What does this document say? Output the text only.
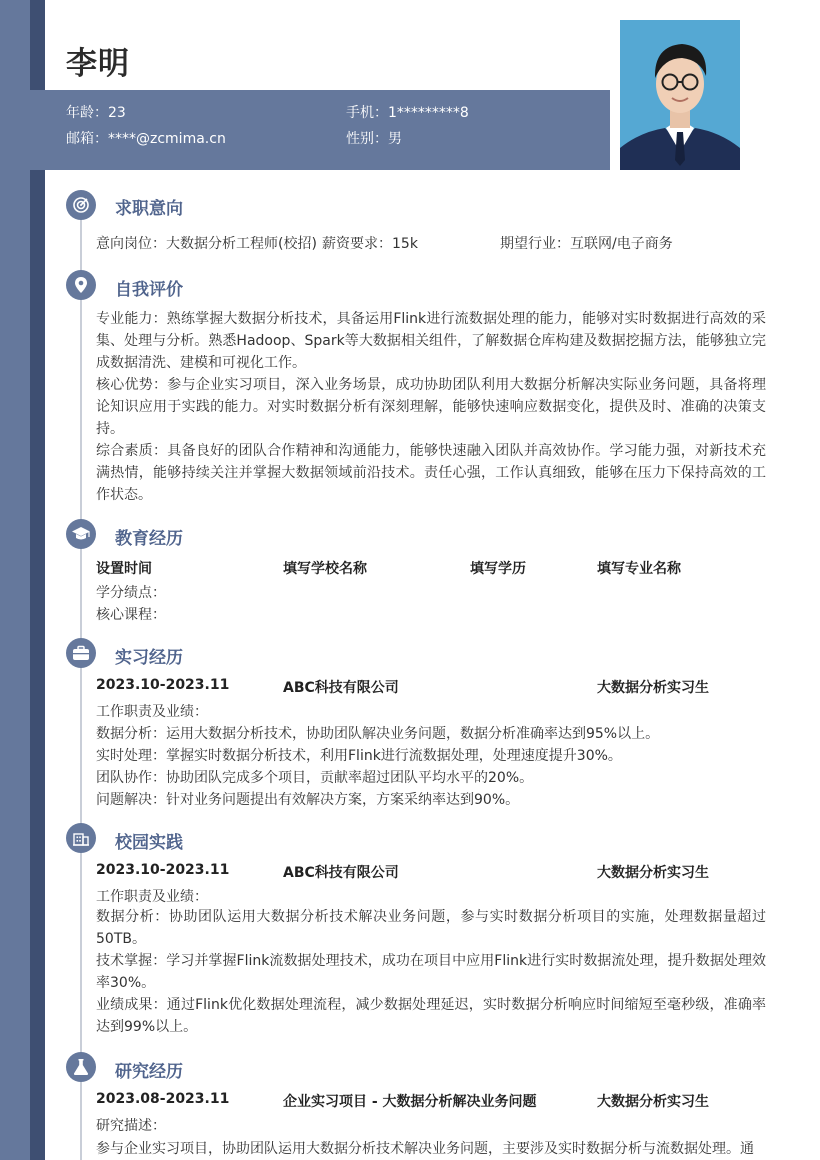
李明
年龄：23	手机：1*********8
邮箱：****@zcmima.cn	性别：男
求职意向
意向岗位：大数据分析工程师(校招) 薪资要求：15k	期望行业：互联网/电子商务
自我评价
专业能力：熟练掌握大数据分析技术，具备运用Flink进行流数据处理的能力，能够对实时数据进行高效的采集、处理与分析。熟悉Hadoop、Spark等大数据相关组件，了解数据仓库构建及数据挖掘方法，能够独立完成数据清洗、建模和可视化工作。
核心优势：参与企业实习项目，深入业务场景，成功协助团队利用大数据分析解决实际业务问题，具备将理论知识应用于实践的能力。对实时数据分析有深刻理解，能够快速响应数据变化，提供及时、准确的决策支持。
综合素质：具备良好的团队合作精神和沟通能力，能够快速融入团队并高效协作。学习能力强，对新技术充满热情，能够持续关注并掌握大数据领域前沿技术。责任心强，工作认真细致，能够在压力下保持高效的工作状态。
教育经历
设置时间	填写学校名称	填写学历	填写专业名称
学分绩点：
核心课程：
实习经历
2023.10-2023.11	ABC科技有限公司	大数据分析实习生
工作职责及业绩：
数据分析：运用大数据分析技术，协助团队解决业务问题，数据分析准确率达到95%以上。
实时处理：掌握实时数据分析技术，利用Flink进行流数据处理，处理速度提升30%。
团队协作：协助团队完成多个项目，贡献率超过团队平均水平的20%。
问题解决：针对业务问题提出有效解决方案，方案采纳率达到90%。
校园实践
2023.10-2023.11	ABC科技有限公司	大数据分析实习生
工作职责及业绩：
数据分析：协助团队运用大数据分析技术解决业务问题，参与实时数据分析项目的实施，处理数据量超过50TB。
技术掌握：学习并掌握Flink流数据处理技术，成功在项目中应用Flink进行实时数据流处理，提升数据处理效率30%。
业绩成果：通过Flink优化数据处理流程，减少数据处理延迟，实时数据分析响应时间缩短至毫秒级，准确率达到99%以上。
研究经历
2023.08-2023.11	企业实习项目 - 大数据分析解决业务问题	大数据分析实习生
研究描述：
参与企业实习项目，协助团队运用大数据分析技术解决业务问题，主要涉及实时数据分析与流数据处理。通
